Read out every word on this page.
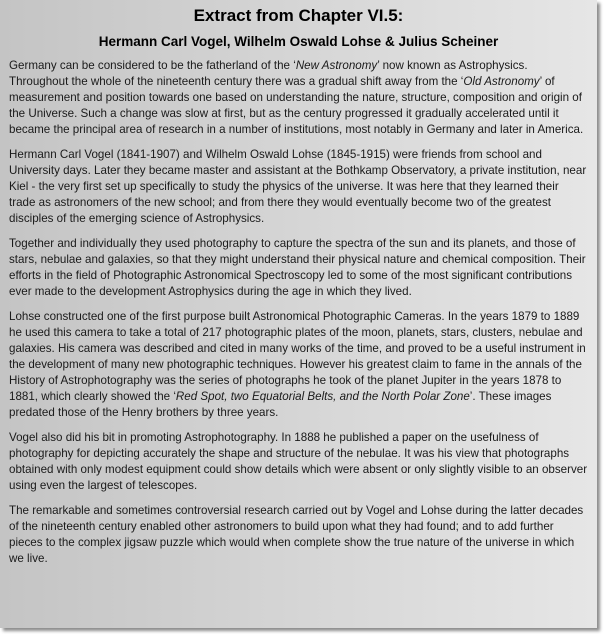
Extract from Chapter VI.5:
Hermann Carl Vogel, Wilhelm Oswald Lohse & Julius Scheiner

Germany can be considered to be the fatherland of the ‘New Astronomy’ now known as Astrophysics. Throughout the whole of the nineteenth century there was a gradual shift away from the ‘Old Astronomy’ of measurement and position towards one based on understanding the nature, structure, composition and origin of the Universe. Such a change was slow at first, but as the century progressed it gradually accelerated until it became the principal area of research in a number of institutions, most notably in Germany and later in America.

Hermann Carl Vogel (1841-1907) and Wilhelm Oswald Lohse (1845-1915) were friends from school and University days. Later they became master and assistant at the Bothkamp Observatory, a private institution, near Kiel - the very first set up specifically to study the physics of the universe. It was here that they learned their trade as astronomers of the new school; and from there they would eventually become two of the greatest disciples of the emerging science of Astrophysics.

Together and individually they used photography to capture the spectra of the sun and its planets, and those of stars, nebulae and galaxies, so that they might understand their physical nature and chemical composition. Their efforts in the field of Photographic Astronomical Spectroscopy led to some of the most significant contributions ever made to the development Astrophysics during the age in which they lived.

Lohse constructed one of the first purpose built Astronomical Photographic Cameras. In the years 1879 to 1889 he used this camera to take a total of 217 photographic plates of the moon, planets, stars, clusters, nebulae and galaxies. His camera was described and cited in many works of the time, and proved to be a useful instrument in the development of many new photographic techniques. However his greatest claim to fame in the annals of the History of Astrophotography was the series of photographs he took of the planet Jupiter in the years 1878 to 1881, which clearly showed the ‘Red Spot, two Equatorial Belts, and the North Polar Zone’. These images predated those of the Henry brothers by three years.

Vogel also did his bit in promoting Astrophotography. In 1888 he published a paper on the usefulness of photography for depicting accurately the shape and structure of the nebulae. It was his view that photographs obtained with only modest equipment could show details which were absent or only slightly visible to an observer using even the largest of telescopes.

The remarkable and sometimes controversial research carried out by Vogel and Lohse during the latter decades of the nineteenth century enabled other astronomers to build upon what they had found; and to add further pieces to the complex jigsaw puzzle which would when complete show the true nature of the universe in which we live.
